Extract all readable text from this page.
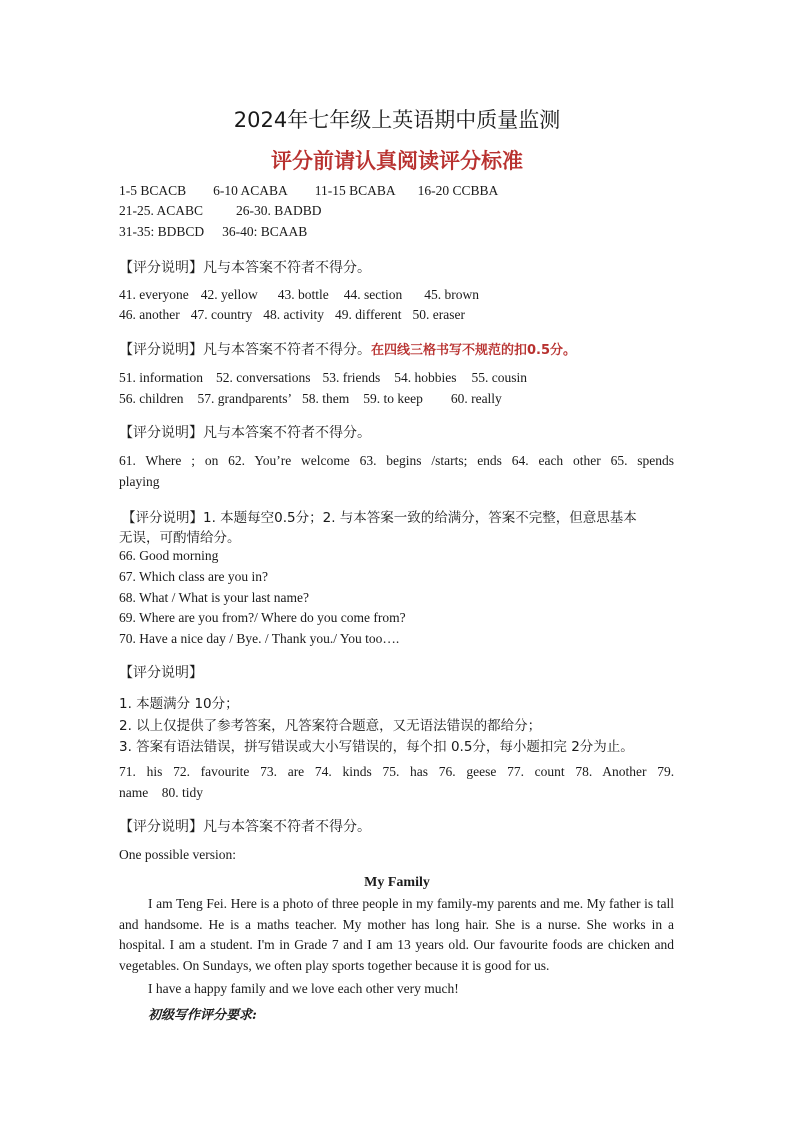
2024年七年级上英语期中质量监测
评分前请认真阅读评分标准
1-5 BCACB 6-10 ACABA 11-15 BCABA 16-20 CCBBA
21-25. ACABC 26-30. BADBD
31-35: BDBCD 36-40: BCAAB
【评分说明】凡与本答案不符者不得分。
41. everyone 42. yellow 43. bottle 44. section 45. brown
46. another 47. country 48. activity 49. different 50. eraser
【评分说明】凡与本答案不符者不得分。在四线三格书写不规范的扣0.5分。
51. information 52. conversations 53. friends 54. hobbies 55. cousin
56. children 57. grandparents’ 58. them 59. to keep 60. really
【评分说明】凡与本答案不符者不得分。
61. Where ; on 62. You’re welcome 63. begins /starts; ends 64. each other 65. spends
playing
【评分说明】1. 本题每空0.5分；2. 与本答案一致的给满分，答案不完整，但意思基本
无误，可酌情给分。
66. Good morning
67. Which class are you in?
68. What / What is your last name?
69. Where are you from?/ Where do you come from?
70. Have a nice day / Bye. / Thank you./ You too….
【评分说明】
1. 本题满分 10分；
2. 以上仅提供了参考答案，凡答案符合题意，又无语法错误的都给分；
3. 答案有语法错误，拼写错误或大小写错误的，每个扣 0.5分，每小题扣完 2分为止。
71. his 72. favourite 73. are 74. kinds 75. has 76. geese 77. count 78. Another 79.
name    80. tidy
【评分说明】凡与本答案不符者不得分。
One possible version:
My Family
I am Teng Fei. Here is a photo of three people in my family-my parents and me. My father is tall and handsome. He is a maths teacher. My mother has long hair. She is a nurse. She works in a hospital. I am a student. I'm in Grade 7 and I am 13 years old. Our favourite foods are chicken and vegetables. On Sundays, we often play sports together because it is good for us.
I have a happy family and we love each other very much!
初级写作评分要求:
